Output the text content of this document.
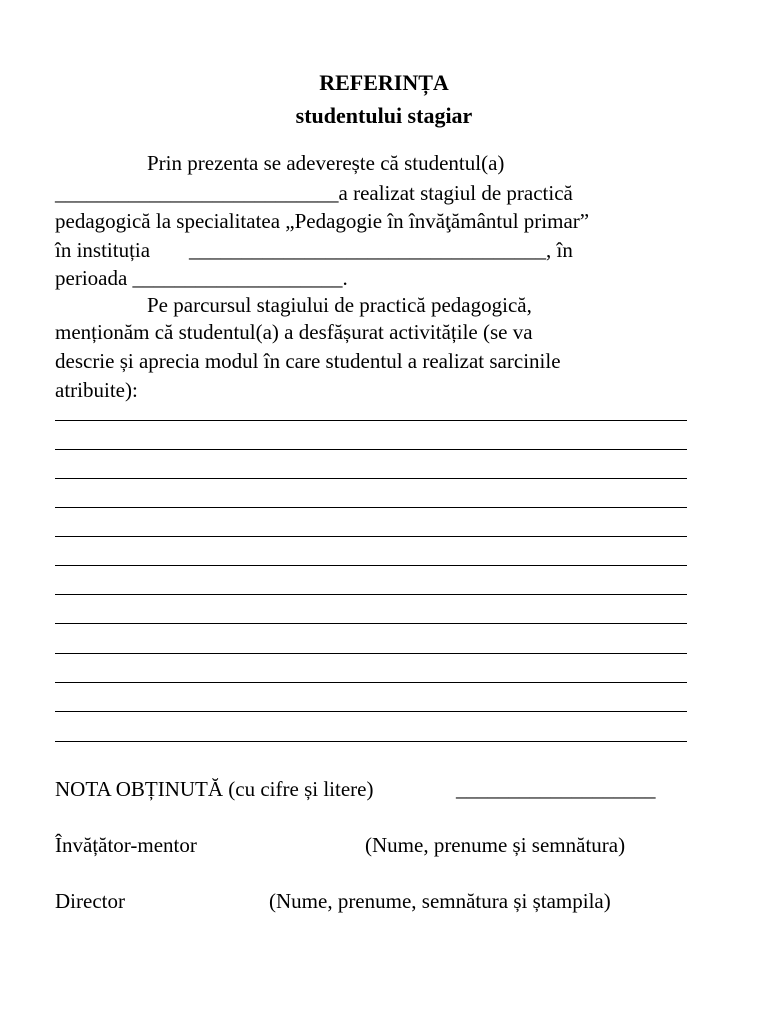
REFERINȚA
studentului stagiar
Prin prezenta se adeverește că studentul(a)
___________________________a realizat stagiul de practică
pedagogică la specialitatea „Pedagogie în învăţământul primar”
în instituția __________________________________, în
perioada ____________________.
Pe parcursul stagiului de practică pedagogică,
menționăm că studentul(a) a desfășurat activitățile (se va
descrie și aprecia modul în care studentul a realizat sarcinile
atribuite):
NOTA OBȚINUTĂ (cu cifre și litere)	___________________
Învățător-mentor	(Nume, prenume și semnătura)
Director	(Nume, prenume, semnătura și ștampila)
